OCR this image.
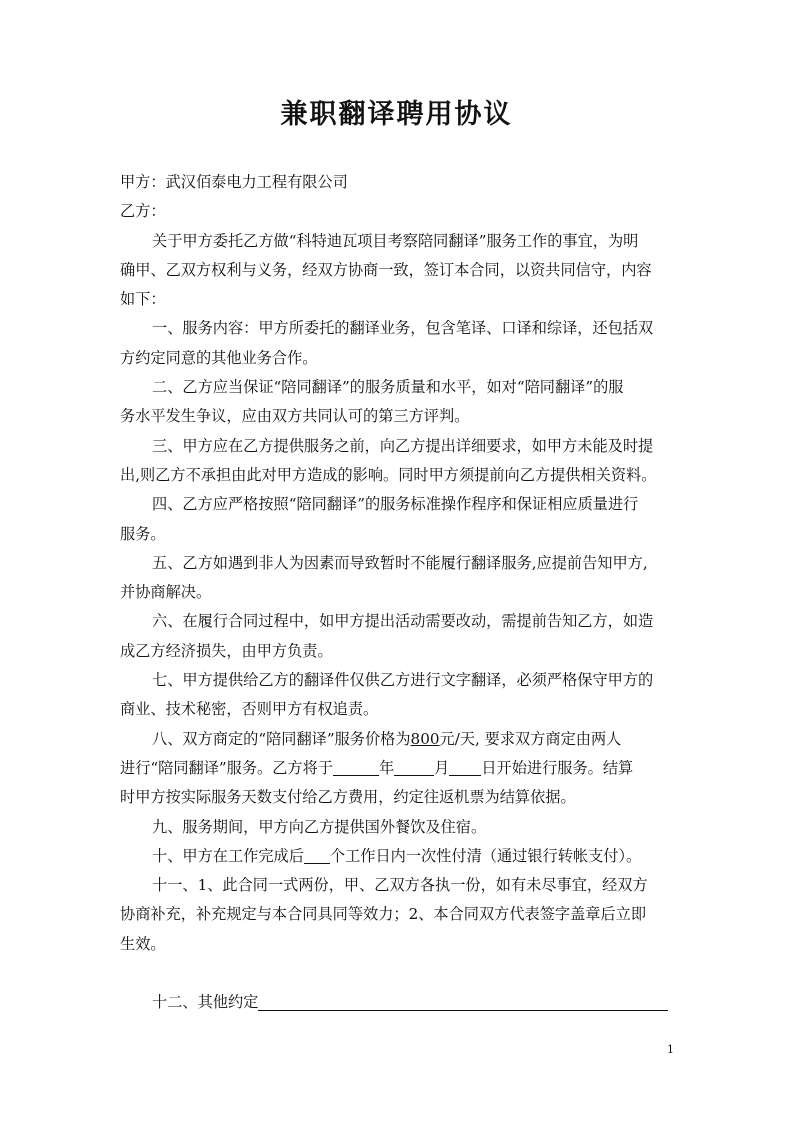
兼职翻译聘用协议
甲方：武汉佰泰电力工程有限公司
乙方：
关于甲方委托乙方做“科特迪瓦项目考察陪同翻译”服务工作的事宜，为明
确甲、乙双方权利与义务，经双方协商一致，签订本合同，以资共同信守，内容
如下：
一、服务内容：甲方所委托的翻译业务，包含笔译、口译和综译，还包括双
方约定同意的其他业务合作。
二、乙方应当保证“陪同翻译”的服务质量和水平，如对“陪同翻译”的服
务水平发生争议，应由双方共同认可的第三方评判。
三、甲方应在乙方提供服务之前，向乙方提出详细要求，如甲方未能及时提
出,则乙方不承担由此对甲方造成的影响。同时甲方须提前向乙方提供相关资料。
四、乙方应严格按照“陪同翻译”的服务标准操作程序和保证相应质量进行
服务。
五、乙方如遇到非人为因素而导致暂时不能履行翻译服务,应提前告知甲方,
并协商解决。
六、在履行合同过程中，如甲方提出活动需要改动，需提前告知乙方，如造
成乙方经济损失，由甲方负责。
七、甲方提供给乙方的翻译件仅供乙方进行文字翻译，必须严格保守甲方的
商业、技术秘密，否则甲方有权追责。
八、双方商定的“陪同翻译”服务价格为800元/天, 要求双方商定由两人
进行“陪同翻译”服务。乙方将于	年	月 日开始进行服务。结算
时甲方按实际服务天数支付给乙方费用，约定往返机票为结算依据。
九、服务期间，甲方向乙方提供国外餐饮及住宿。
十、甲方在工作完成后 个工作日内一次性付清（通过银行转帐支付）。
十一、1、此合同一式两份，甲、乙双方各执一份，如有未尽事宜，经双方
协商补充，补充规定与本合同具同等效力；2、本合同双方代表签字盖章后立即
生效。
十二、其他约定
1
